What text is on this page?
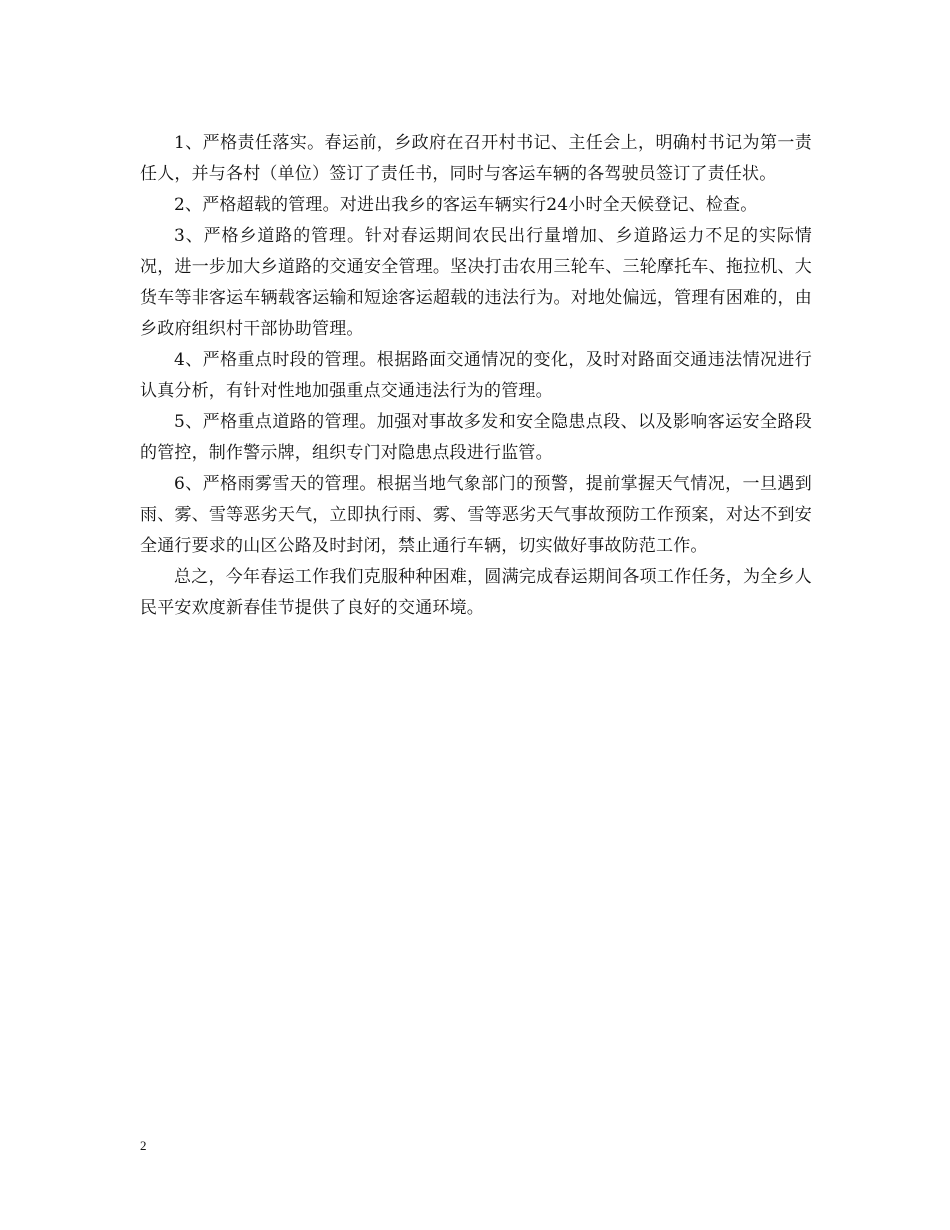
1、严格责任落实。春运前，乡政府在召开村书记、主任会上，明确村书记为第一责任人，并与各村（单位）签订了责任书，同时与客运车辆的各驾驶员签订了责任状。

2、严格超载的管理。对进出我乡的客运车辆实行24小时全天候登记、检查。

3、严格乡道路的管理。针对春运期间农民出行量增加、乡道路运力不足的实际情况，进一步加大乡道路的交通安全管理。坚决打击农用三轮车、三轮摩托车、拖拉机、大货车等非客运车辆载客运输和短途客运超载的违法行为。对地处偏远，管理有困难的，由乡政府组织村干部协助管理。

4、严格重点时段的管理。根据路面交通情况的变化，及时对路面交通违法情况进行认真分析，有针对性地加强重点交通违法行为的管理。

5、严格重点道路的管理。加强对事故多发和安全隐患点段、以及影响客运安全路段的管控，制作警示牌，组织专门对隐患点段进行监管。

6、严格雨雾雪天的管理。根据当地气象部门的预警，提前掌握天气情况，一旦遇到雨、雾、雪等恶劣天气，立即执行雨、雾、雪等恶劣天气事故预防工作预案，对达不到安全通行要求的山区公路及时封闭，禁止通行车辆，切实做好事故防范工作。

总之，今年春运工作我们克服种种困难，圆满完成春运期间各项工作任务，为全乡人民平安欢度新春佳节提供了良好的交通环境。

2
